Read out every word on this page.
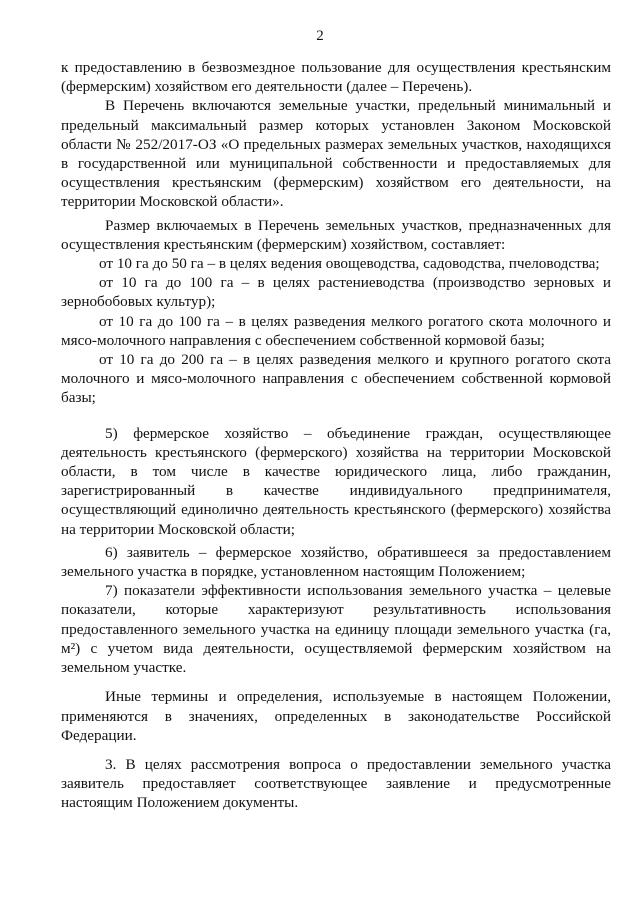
2

к предоставлению в безвозмездное пользование для осуществления крестьянским (фермерским) хозяйством его деятельности (далее – Перечень).

В Перечень включаются земельные участки, предельный минимальный и предельный максимальный размер которых установлен Законом Московской области № 252/2017-ОЗ «О предельных размерах земельных участков, находящихся в государственной или муниципальной собственности и предоставляемых для осуществления крестьянским (фермерским) хозяйством его деятельности, на территории Московской области».

Размер включаемых в Перечень земельных участков, предназначенных для осуществления крестьянским (фермерским) хозяйством, составляет:

от 10 га до 50 га – в целях ведения овощеводства, садоводства, пчеловодства;

от 10 га до 100 га – в целях растениеводства (производство зерновых и зернобобовых культур);

от 10 га до 100 га – в целях разведения мелкого рогатого скота молочного и мясо-молочного направления с обеспечением собственной кормовой базы;

от 10 га до 200 га – в целях разведения мелкого и крупного рогатого скота молочного и мясо-молочного направления с обеспечением собственной кормовой базы;

5) фермерское хозяйство – объединение граждан, осуществляющее деятельность крестьянского (фермерского) хозяйства на территории Московской области, в том числе в качестве юридического лица, либо гражданин, зарегистрированный в качестве индивидуального предпринимателя, осуществляющий единолично деятельность крестьянского (фермерского) хозяйства на территории Московской области;

6) заявитель – фермерское хозяйство, обратившееся за предоставлением земельного участка в порядке, установленном настоящим Положением;

7) показатели эффективности использования земельного участка – целевые показатели, которые характеризуют результативность использования предоставленного земельного участка на единицу площади земельного участка (га, м²) с учетом вида деятельности, осуществляемой фермерским хозяйством на земельном участке.

Иные термины и определения, используемые в настоящем Положении, применяются в значениях, определенных в законодательстве Российской Федерации.

3. В целях рассмотрения вопроса о предоставлении земельного участка заявитель предоставляет соответствующее заявление и предусмотренные настоящим Положением документы.
